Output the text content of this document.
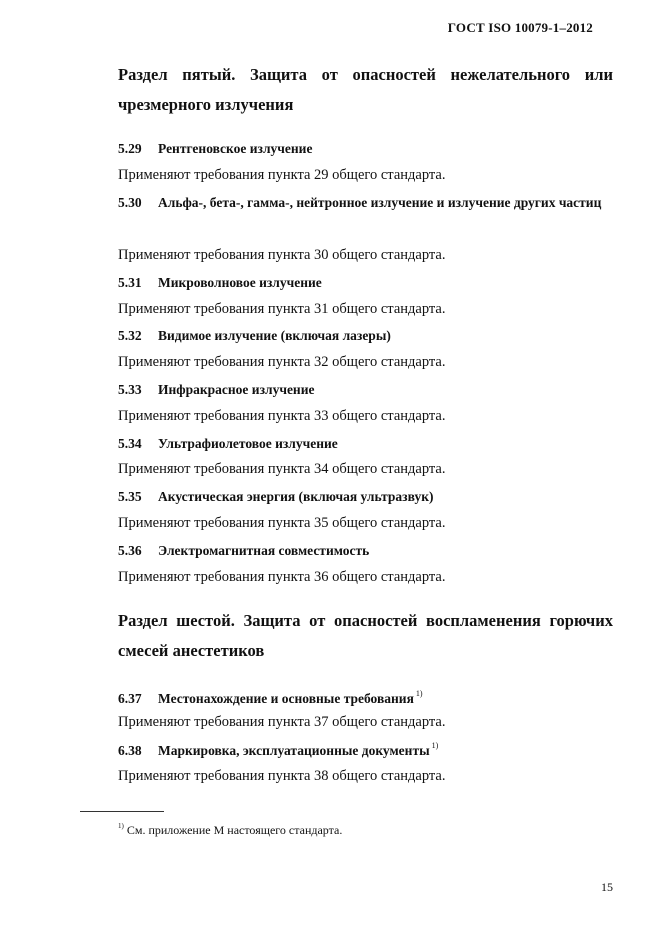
ГОСТ ISO 10079-1–2012
Раздел пятый. Защита от опасностей нежелательного или чрезмерного излучения
5.29 Рентгеновское излучение
Применяют требования пункта 29 общего стандарта.
5.30 Альфа-, бета-, гамма-, нейтронное излучение и излучение других частиц
Применяют требования пункта 30 общего стандарта.
5.31 Микроволновое излучение
Применяют требования пункта 31 общего стандарта.
5.32 Видимое излучение (включая лазеры)
Применяют требования пункта 32 общего стандарта.
5.33 Инфракрасное излучение
Применяют требования пункта 33 общего стандарта.
5.34 Ультрафиолетовое излучение
Применяют требования пункта 34 общего стандарта.
5.35 Акустическая энергия (включая ультразвук)
Применяют требования пункта 35 общего стандарта.
5.36 Электромагнитная совместимость
Применяют требования пункта 36 общего стандарта.
Раздел шестой. Защита от опасностей воспламенения горючих смесей анестетиков
6.37 Местонахождение и основные требования $^{1)}$
Применяют требования пункта 37 общего стандарта.
6.38 Маркировка, эксплуатационные документы $^{1)}$
Применяют требования пункта 38 общего стандарта.
$^{1)}$ См. приложение М настоящего стандарта.
15
